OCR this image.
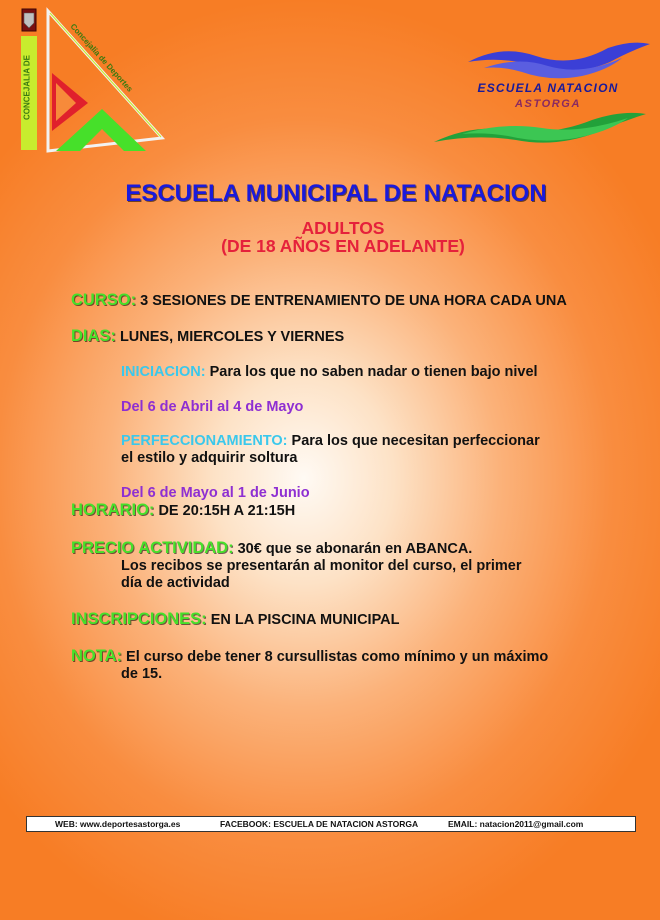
CONCEJALIA DE	Concejalía de Deportes	ESCUELA NATACION
ASTORGA
ESCUELA MUNICIPAL DE NATACION
ADULTOS
(DE 18 AÑOS EN ADELANTE)
CURSO: 3 SESIONES DE ENTRENAMIENTO DE UNA HORA CADA UNA
DIAS: LUNES, MIERCOLES Y VIERNES
INICIACION: Para los que no saben nadar o tienen bajo nivel
Del 6 de Abril al 4 de Mayo
PERFECCIONAMIENTO: Para los que necesitan perfeccionar
el estilo y adquirir soltura
Del 6 de Mayo al 1 de Junio
HORARIO: DE 20:15H A 21:15H
PRECIO ACTIVIDAD: 30€ que se abonarán en ABANCA.
Los recibos se presentarán al monitor del curso, el primer
día de actividad
INSCRIPCIONES: EN LA PISCINA MUNICIPAL
NOTA: El curso debe tener 8 cursullistas como mínimo y un máximo
de 15.
WEB: www.deportesastorga.es	FACEBOOK: ESCUELA DE NATACION ASTORGA	EMAIL: natacion2011@gmail.com
